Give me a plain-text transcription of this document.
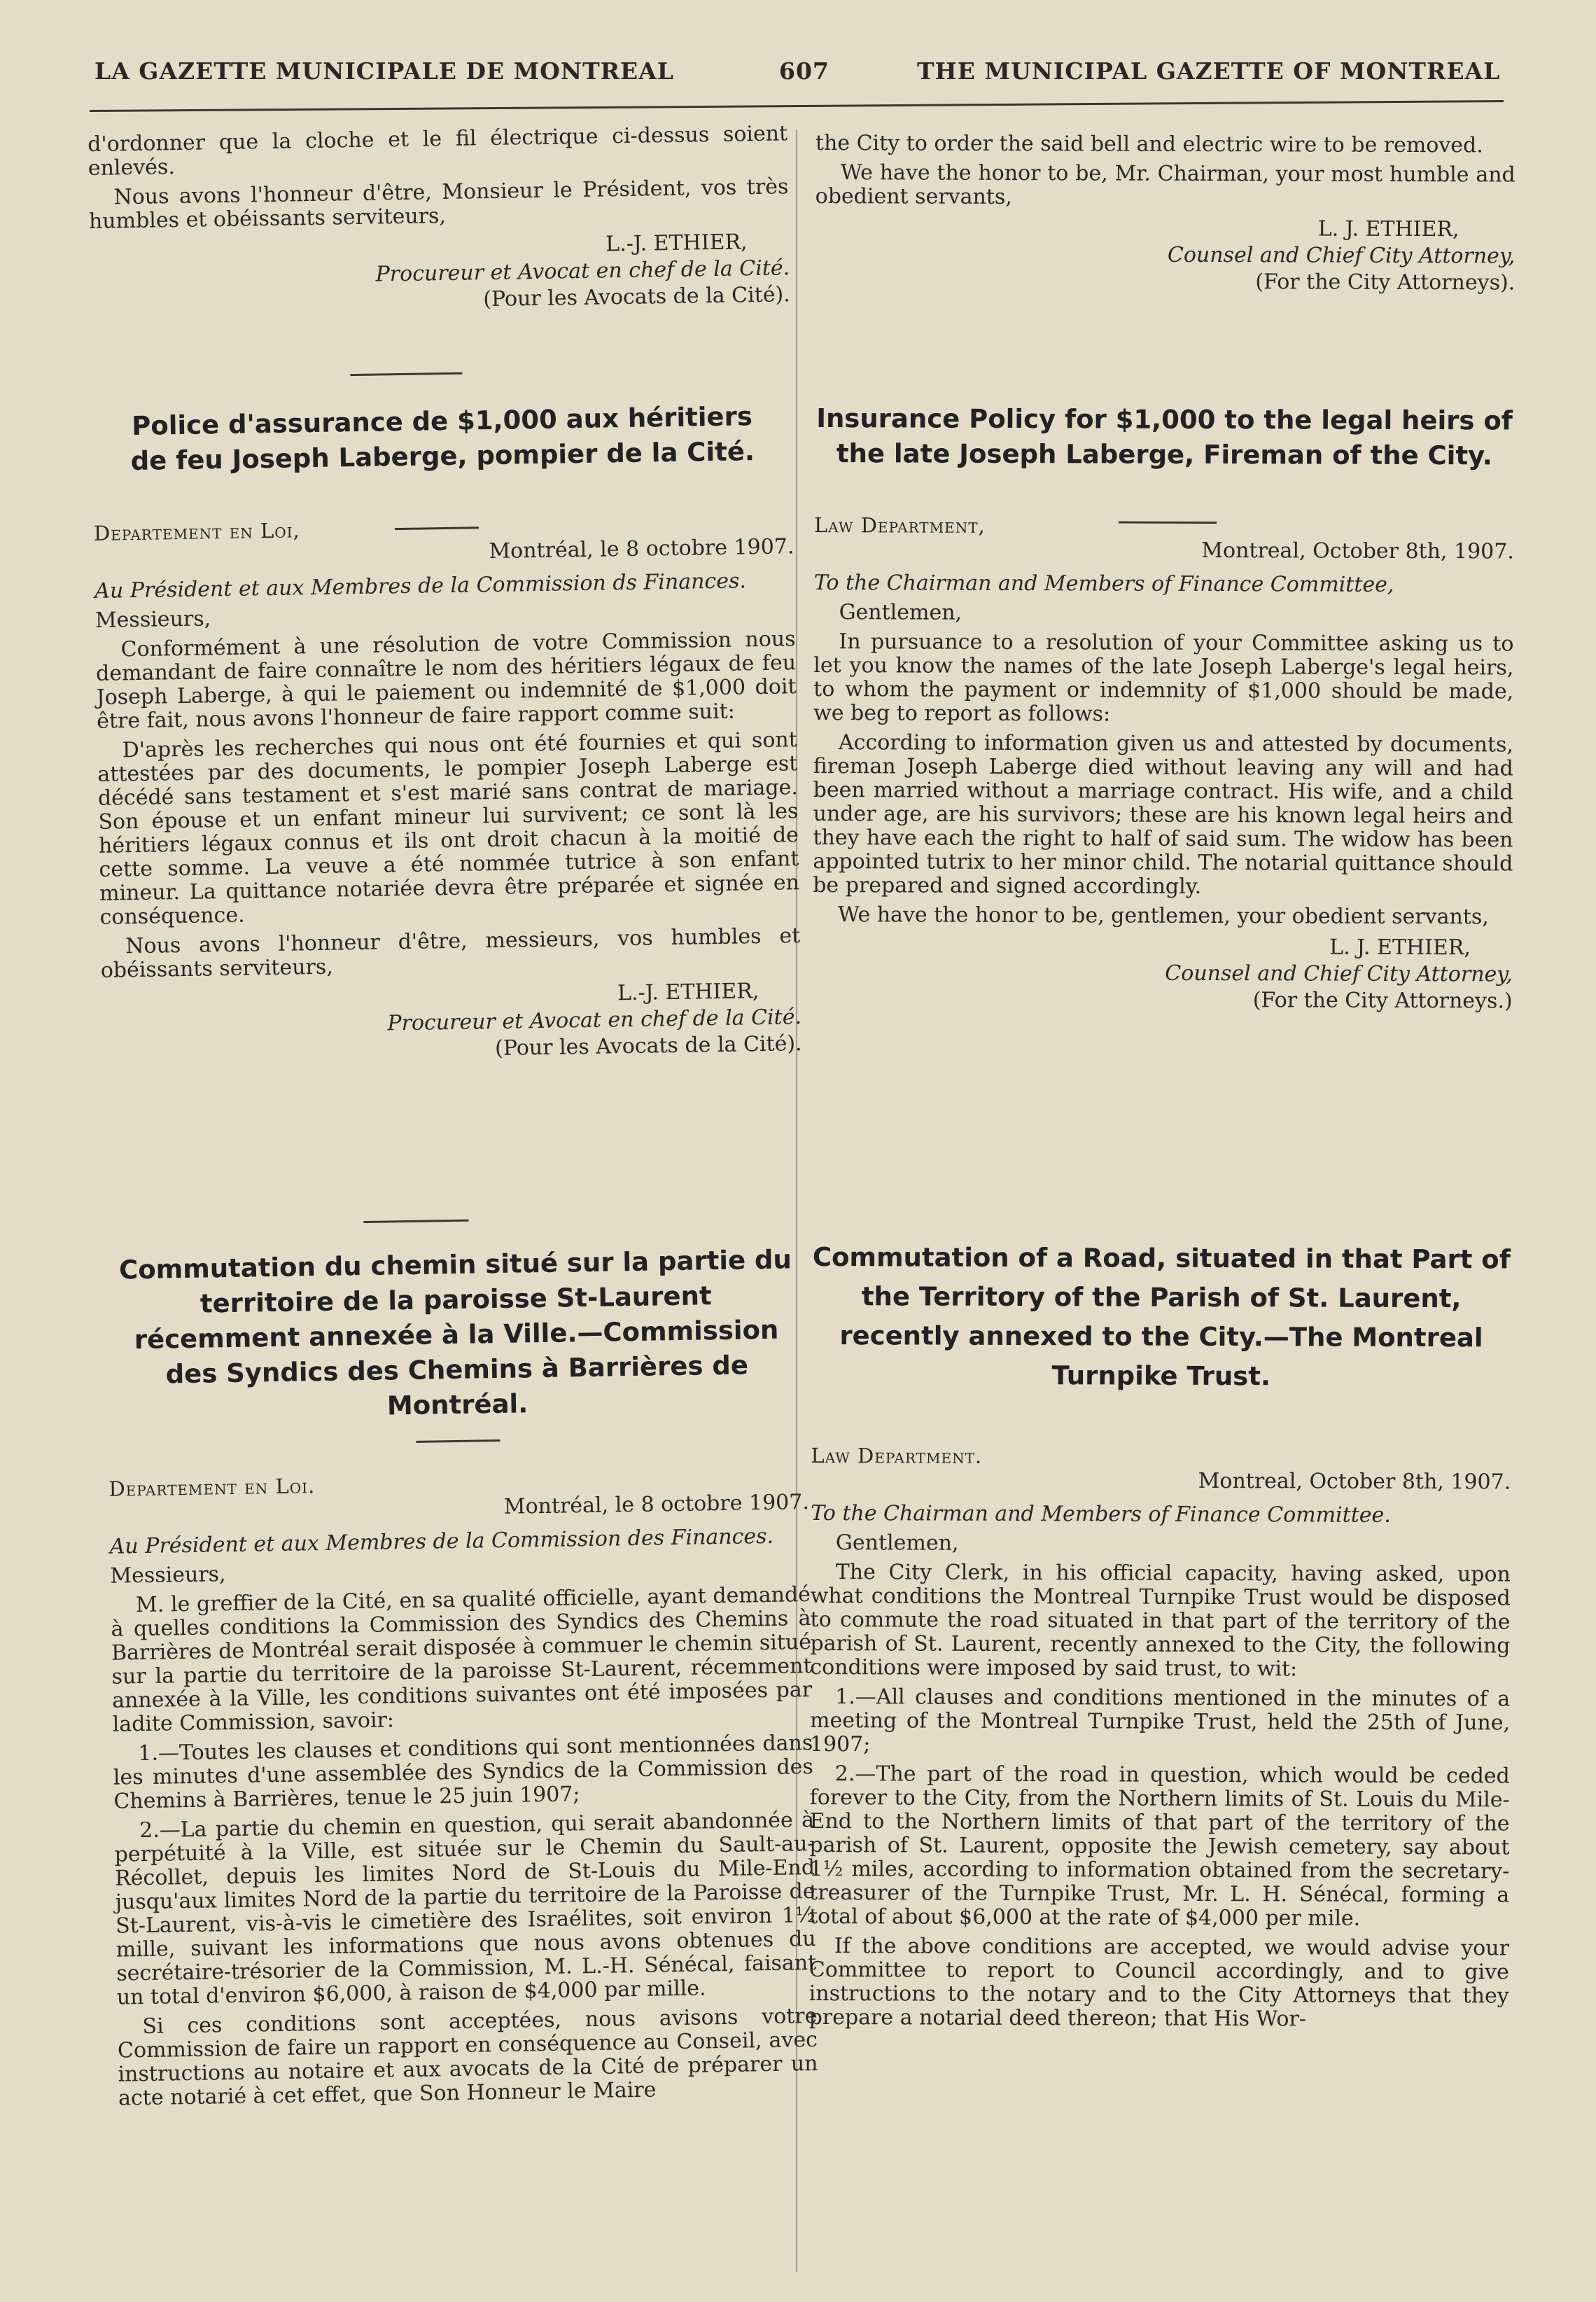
LA GAZETTE MUNICIPALE DE MONTREAL	607	THE MUNICIPAL GAZETTE OF MONTREAL

d'ordonner que la cloche et le fil électrique ci-dessus soient enlevés.

Nous avons l'honneur d'être, Monsieur le Président, vos très humbles et obéissants serviteurs,

L.-J. ETHIER,

Procureur et Avocat en chef de la Cité.

(Pour les Avocats de la Cité).

Police d'assurance de $1,000 aux héritiers de feu Joseph Laberge, pompier de la Cité.

Departement en Loi,

Montréal, le 8 octobre 1907.

Au Président et aux Membres de la Commission ds Finances.

Messieurs,

Conformément à une résolution de votre Commission nous demandant de faire connaître le nom des héritiers légaux de feu Joseph Laberge, à qui le paiement ou indemnité de $1,000 doit être fait, nous avons l'honneur de faire rapport comme suit:

D'après les recherches qui nous ont été fournies et qui sont attestées par des documents, le pompier Joseph Laberge est décédé sans testament et s'est marié sans contrat de mariage. Son épouse et un enfant mineur lui survivent; ce sont là les héritiers légaux connus et ils ont droit chacun à la moitié de cette somme. La veuve a été nommée tutrice à son enfant mineur. La quittance notariée devra être préparée et signée en conséquence.

Nous avons l'honneur d'être, messieurs, vos humbles et obéissants serviteurs,

L.-J. ETHIER,

Procureur et Avocat en chef de la Cité.

(Pour les Avocats de la Cité).

Commutation du chemin situé sur la partie du territoire de la paroisse St-Laurent récemment annexée à la Ville.—Commission des Syndics des Chemins à Barrières de Montréal.

Departement en Loi.

Montréal, le 8 octobre 1907.

Au Président et aux Membres de la Commission des Finances.

Messieurs,

M. le greffier de la Cité, en sa qualité officielle, ayant demandé à quelles conditions la Commission des Syndics des Chemins à Barrières de Montréal serait disposée à commuer le chemin situé sur la partie du territoire de la paroisse St-Laurent, récemment annexée à la Ville, les conditions suivantes ont été imposées par ladite Commission, savoir:

1.—Toutes les clauses et conditions qui sont mentionnées dans les minutes d'une assemblée des Syndics de la Commission des Chemins à Barrières, tenue le 25 juin 1907;

2.—La partie du chemin en question, qui serait abandonnée à perpétuité à la Ville, est située sur le Chemin du Sault-au-Récollet, depuis les limites Nord de St-Louis du Mile-End jusqu'aux limites Nord de la partie du territoire de la Paroisse de St-Laurent, vis-à-vis le cimetière des Israélites, soit environ 1½ mille, suivant les informations que nous avons obtenues du secrétaire-trésorier de la Commission, M. L.-H. Sénécal, faisant un total d'environ $6,000, à raison de $4,000 par mille.

Si ces conditions sont acceptées, nous avisons votre Commission de faire un rapport en conséquence au Conseil, avec instructions au notaire et aux avocats de la Cité de préparer un acte notarié à cet effet, que Son Honneur le Maire

the City to order the said bell and electric wire to be removed.

We have the honor to be, Mr. Chairman, your most humble and obedient servants,

L. J. ETHIER,

Counsel and Chief City Attorney,

(For the City Attorneys).

Insurance Policy for $1,000 to the legal heirs of the late Joseph Laberge, Fireman of the City.

Law Department,

Montreal, October 8th, 1907.

To the Chairman and Members of Finance Committee,

Gentlemen,

In pursuance to a resolution of your Committee asking us to let you know the names of the late Joseph Laberge's legal heirs, to whom the payment or indemnity of $1,000 should be made, we beg to report as follows:

According to information given us and attested by documents, fireman Joseph Laberge died without leaving any will and had been married without a marriage contract. His wife, and a child under age, are his survivors; these are his known legal heirs and they have each the right to half of said sum. The widow has been appointed tutrix to her minor child. The notarial quittance should be prepared and signed accordingly.

We have the honor to be, gentlemen, your obedient servants,

L. J. ETHIER,

Counsel and Chief City Attorney,

(For the City Attorneys.)

Commutation of a Road, situated in that Part of the Territory of the Parish of St. Laurent, recently annexed to the City.—The Montreal Turnpike Trust.

Law Department.

Montreal, October 8th, 1907.

To the Chairman and Members of Finance Committee.

Gentlemen,

The City Clerk, in his official capacity, having asked, upon what conditions the Montreal Turnpike Trust would be disposed to commute the road situated in that part of the territory of the parish of St. Laurent, recently annexed to the City, the following conditions were imposed by said trust, to wit:

1.—All clauses and conditions mentioned in the minutes of a meeting of the Montreal Turnpike Trust, held the 25th of June, 1907;

2.—The part of the road in question, which would be ceded forever to the City, from the Northern limits of St. Louis du Mile-End to the Northern limits of that part of the territory of the parish of St. Laurent, opposite the Jewish cemetery, say about 1½ miles, according to information obtained from the secretary-treasurer of the Turnpike Trust, Mr. L. H. Sénécal, forming a total of about $6,000 at the rate of $4,000 per mile.

If the above conditions are accepted, we would advise your Committee to report to Council accordingly, and to give instructions to the notary and to the City Attorneys that they prepare a notarial deed thereon; that His Wor-
